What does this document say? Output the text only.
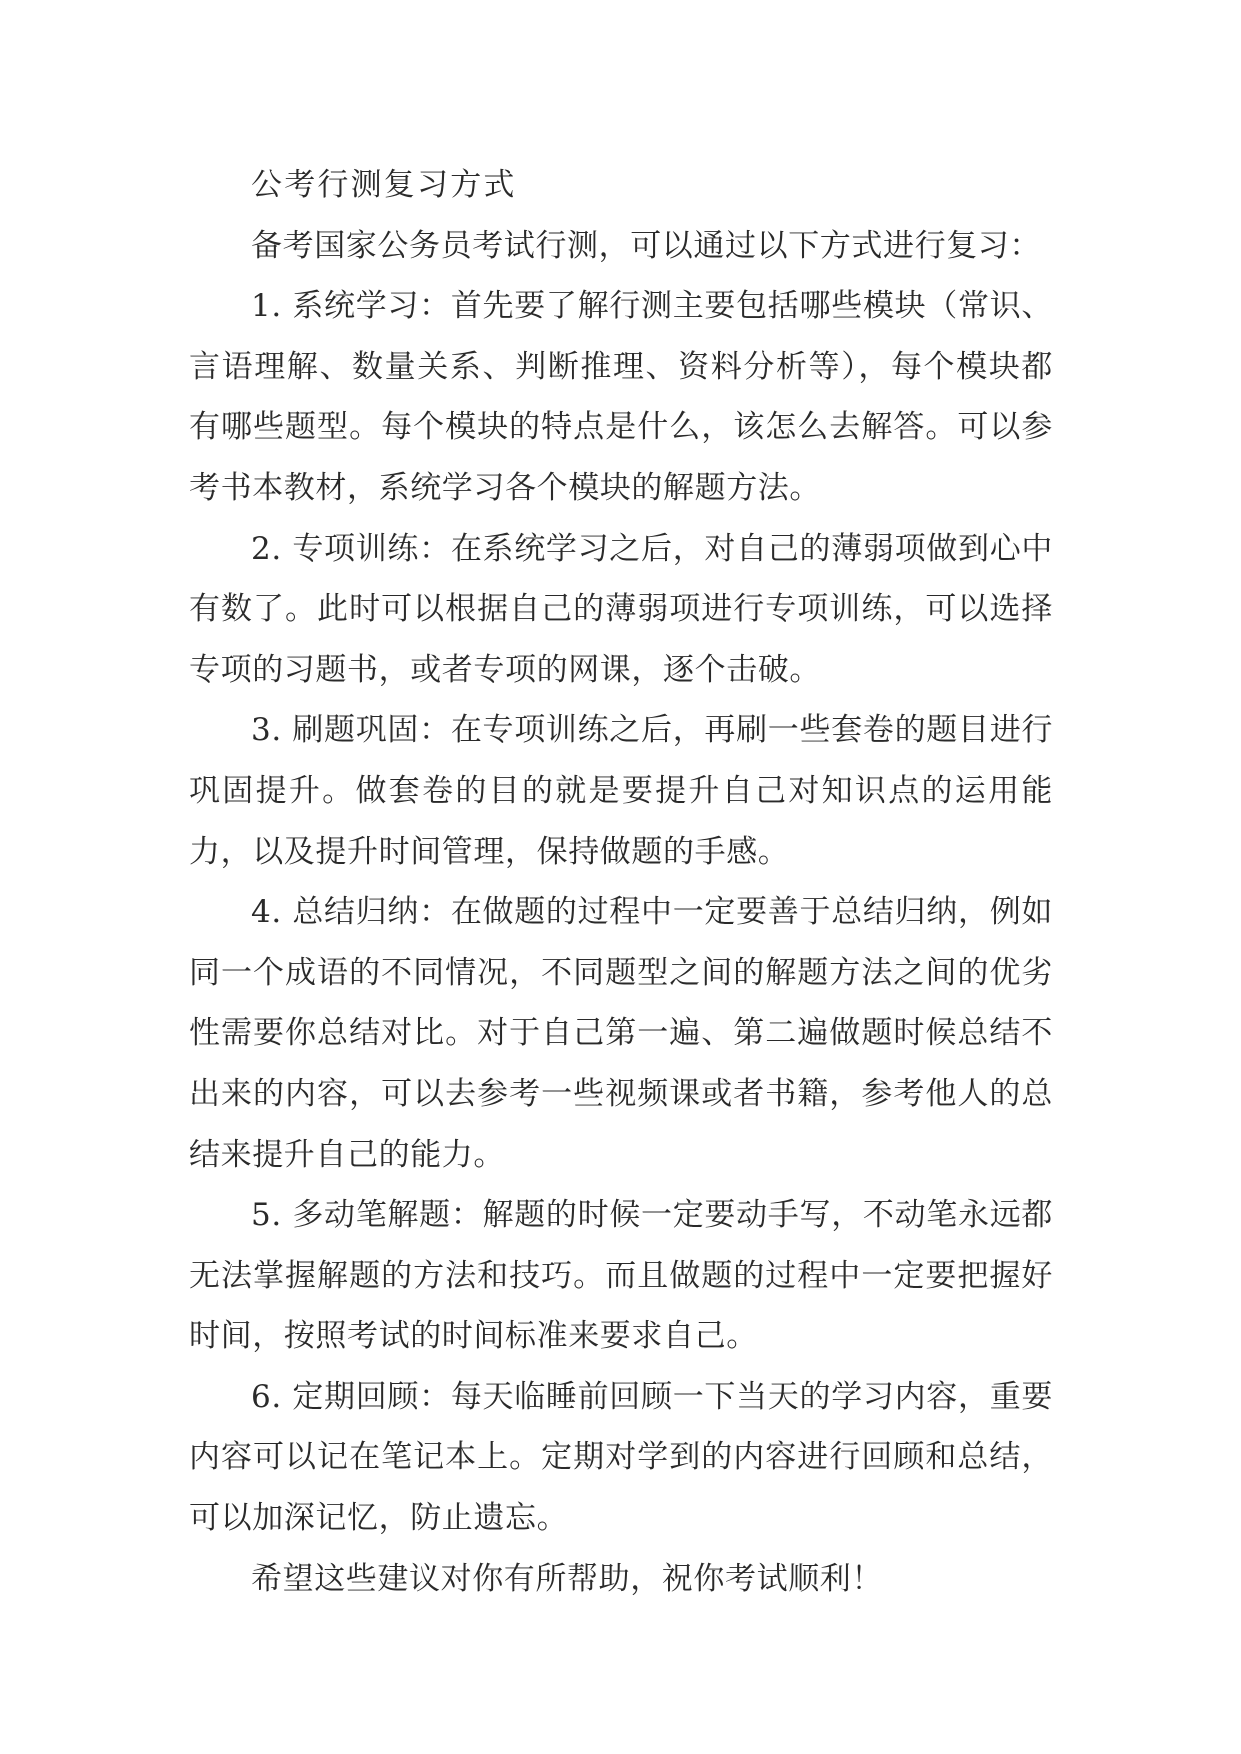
公考行测复习方式

备考国家公务员考试行测，可以通过以下方式进行复习：

1. 系统学习：首先要了解行测主要包括哪些模块（常识、言语理解、数量关系、判断推理、资料分析等），每个模块都有哪些题型。每个模块的特点是什么，该怎么去解答。可以参考书本教材，系统学习各个模块的解题方法。

2. 专项训练：在系统学习之后，对自己的薄弱项做到心中有数了。此时可以根据自己的薄弱项进行专项训练，可以选择专项的习题书，或者专项的网课，逐个击破。

3. 刷题巩固：在专项训练之后，再刷一些套卷的题目进行巩固提升。做套卷的目的就是要提升自己对知识点的运用能力，以及提升时间管理，保持做题的手感。

4. 总结归纳：在做题的过程中一定要善于总结归纳，例如同一个成语的不同情况，不同题型之间的解题方法之间的优劣性需要你总结对比。对于自己第一遍、第二遍做题时候总结不出来的内容，可以去参考一些视频课或者书籍，参考他人的总结来提升自己的能力。

5. 多动笔解题：解题的时候一定要动手写，不动笔永远都无法掌握解题的方法和技巧。而且做题的过程中一定要把握好时间，按照考试的时间标准来要求自己。

6. 定期回顾：每天临睡前回顾一下当天的学习内容，重要内容可以记在笔记本上。定期对学到的内容进行回顾和总结，可以加深记忆，防止遗忘。

希望这些建议对你有所帮助，祝你考试顺利！
